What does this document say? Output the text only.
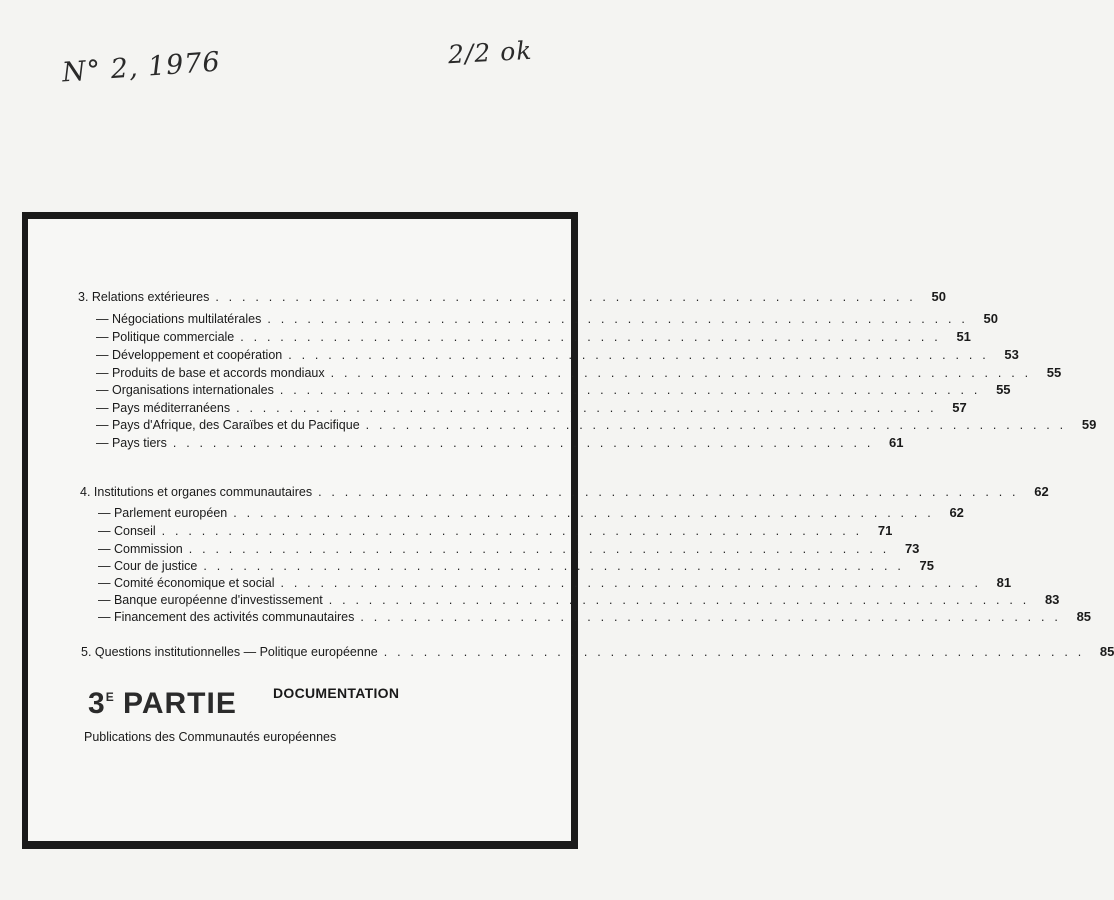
N° 2, 1976	2/2 ok
3. Relations extérieures . . . . . . . . . . . . . . . . . . . . . . . . . . . . . . . . . . . . . . . . . . . . . . . . . . . . .	50
— Négociations multilatérales . . . . . . . . . . . . . . . . . . . . . . . . . . . . . . . . . . . . . . . . . . . . . . . . . . . . .	50
— Politique commerciale . . . . . . . . . . . . . . . . . . . . . . . . . . . . . . . . . . . . . . . . . . . . . . . . . . . . .	51
— Développement et coopération . . . . . . . . . . . . . . . . . . . . . . . . . . . . . . . . . . . . . . . . . . . . . . . . . . . . .	53
— Produits de base et accords mondiaux . . . . . . . . . . . . . . . . . . . . . . . . . . . . . . . . . . . . . . . . . . . . . . . . . . . . .	55
— Organisations internationales . . . . . . . . . . . . . . . . . . . . . . . . . . . . . . . . . . . . . . . . . . . . . . . . . . . . .	55
— Pays méditerranéens . . . . . . . . . . . . . . . . . . . . . . . . . . . . . . . . . . . . . . . . . . . . . . . . . . . . .	57
— Pays d'Afrique, des Caraïbes et du Pacifique . . . . . . . . . . . . . . . . . . . . . . . . . . . . . . . . . . . . . . . . . . . . . . . . . . . . .	59
— Pays tiers . . . . . . . . . . . . . . . . . . . . . . . . . . . . . . . . . . . . . . . . . . . . . . . . . . . . .	61
4. Institutions et organes communautaires . . . . . . . . . . . . . . . . . . . . . . . . . . . . . . . . . . . . . . . . . . . . . . . . . . . . .	62
— Parlement européen . . . . . . . . . . . . . . . . . . . . . . . . . . . . . . . . . . . . . . . . . . . . . . . . . . . . .	62
— Conseil . . . . . . . . . . . . . . . . . . . . . . . . . . . . . . . . . . . . . . . . . . . . . . . . . . . . .	71
— Commission . . . . . . . . . . . . . . . . . . . . . . . . . . . . . . . . . . . . . . . . . . . . . . . . . . . . .	73
— Cour de justice . . . . . . . . . . . . . . . . . . . . . . . . . . . . . . . . . . . . . . . . . . . . . . . . . . . . .	75
— Comité économique et social . . . . . . . . . . . . . . . . . . . . . . . . . . . . . . . . . . . . . . . . . . . . . . . . . . . . .	81
— Banque européenne d'investissement . . . . . . . . . . . . . . . . . . . . . . . . . . . . . . . . . . . . . . . . . . . . . . . . . . . . .	83
— Financement des activités communautaires . . . . . . . . . . . . . . . . . . . . . . . . . . . . . . . . . . . . . . . . . . . . . . . . . . . . .	85
5. Questions institutionnelles — Politique européenne . . . . . . . . . . . . . . . . . . . . . . . . . . . . . . . . . . . . . . . . . . . . . . . . . . . . .	85
$3^E$ PARTIE	DOCUMENTATION
Publications des Communautés européennes
